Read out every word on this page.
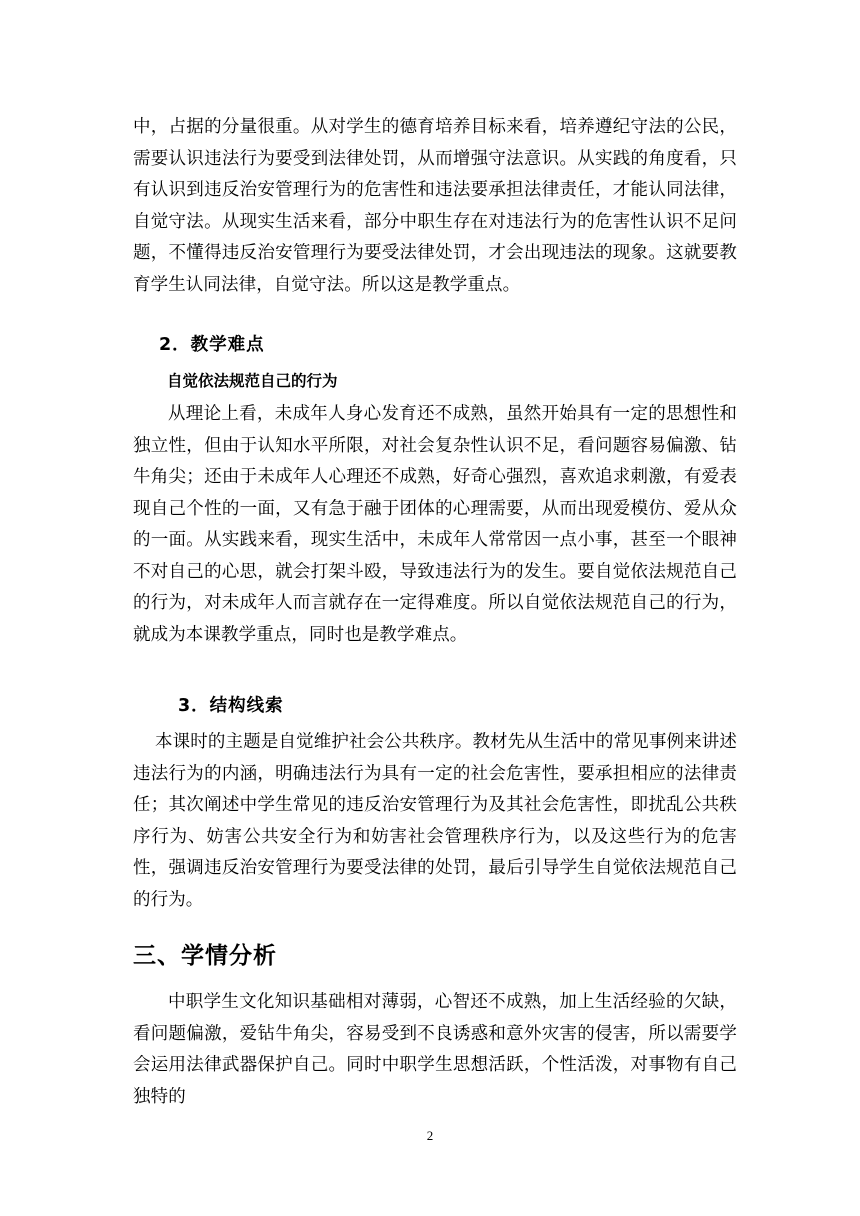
中，占据的分量很重。从对学生的德育培养目标来看，培养遵纪守法的公民，需要认识违法行为要受到法律处罚，从而增强守法意识。从实践的角度看，只有认识到违反治安管理行为的危害性和违法要承担法律责任，才能认同法律，自觉守法。从现实生活来看，部分中职生存在对违法行为的危害性认识不足问题，不懂得违反治安管理行为要受法律处罚，才会出现违法的现象。这就要教育学生认同法律，自觉守法。所以这是教学重点。

2．教学难点
自觉依法规范自己的行为

从理论上看，未成年人身心发育还不成熟，虽然开始具有一定的思想性和独立性，但由于认知水平所限，对社会复杂性认识不足，看问题容易偏激、钻牛角尖；还由于未成年人心理还不成熟，好奇心强烈，喜欢追求刺激，有爱表现自己个性的一面，又有急于融于团体的心理需要，从而出现爱模仿、爱从众的一面。从实践来看，现实生活中，未成年人常常因一点小事，甚至一个眼神不对自己的心思，就会打架斗殴，导致违法行为的发生。要自觉依法规范自己的行为，对未成年人而言就存在一定得难度。所以自觉依法规范自己的行为，就成为本课教学重点，同时也是教学难点。

3．结构线索

本课时的主题是自觉维护社会公共秩序。教材先从生活中的常见事例来讲述违法行为的内涵，明确违法行为具有一定的社会危害性，要承担相应的法律责任；其次阐述中学生常见的违反治安管理行为及其社会危害性，即扰乱公共秩序行为、妨害公共安全行为和妨害社会管理秩序行为，以及这些行为的危害性，强调违反治安管理行为要受法律的处罚，最后引导学生自觉依法规范自己的行为。

三、学情分析

中职学生文化知识基础相对薄弱，心智还不成熟，加上生活经验的欠缺，看问题偏激，爱钻牛角尖，容易受到不良诱惑和意外灾害的侵害，所以需要学会运用法律武器保护自己。同时中职学生思想活跃，个性活泼，对事物有自己独特的

2
